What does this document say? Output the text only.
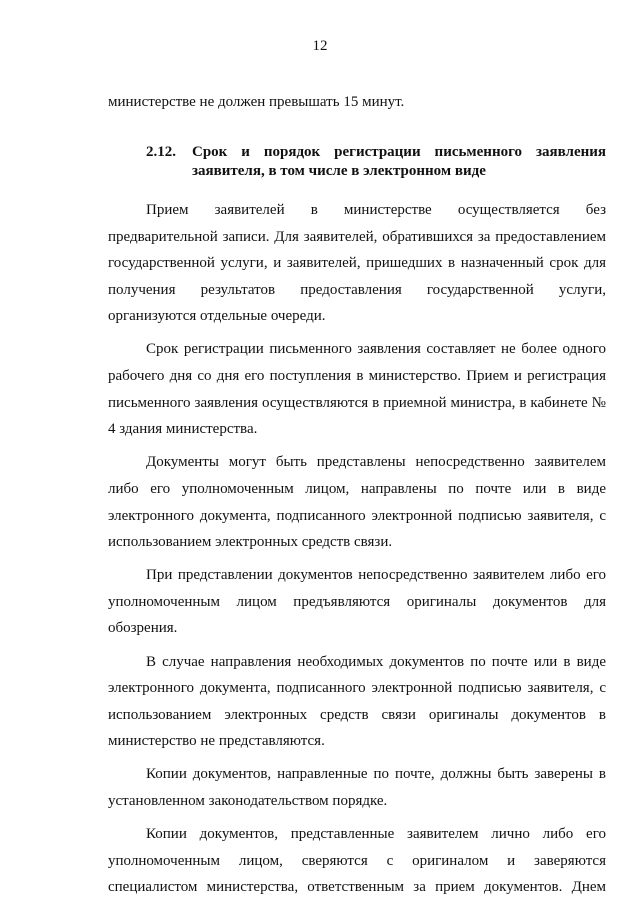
12

министерстве не должен превышать 15 минут.

2.12. Срок и порядок регистрации письменного заявления заявителя, в том числе в электронном виде

Прием заявителей в министерстве осуществляется без предварительной записи. Для заявителей, обратившихся за предоставлением государственной услуги, и заявителей, пришедших в назначенный срок для получения результатов предоставления государственной услуги, организуются отдельные очереди.

Срок регистрации письменного заявления составляет не более одного рабочего дня со дня его поступления в министерство. Прием и регистрация письменного заявления осуществляются в приемной министра, в кабинете № 4 здания министерства.

Документы могут быть представлены непосредственно заявителем либо его уполномоченным лицом, направлены по почте или в виде электронного документа, подписанного электронной подписью заявителя, с использованием электронных средств связи.

При представлении документов непосредственно заявителем либо его уполномоченным лицом предъявляются оригиналы документов для обозрения.

В случае направления необходимых документов по почте или в виде электронного документа, подписанного электронной подписью заявителя, с использованием электронных средств связи оригиналы документов в министерство не представляются.

Копии документов, направленные по почте, должны быть заверены в установленном законодательством порядке.

Копии документов, представленные заявителем лично либо его уполномоченным лицом, сверяются с оригиналом и заверяются специалистом министерства, ответственным за прием документов. Днем
